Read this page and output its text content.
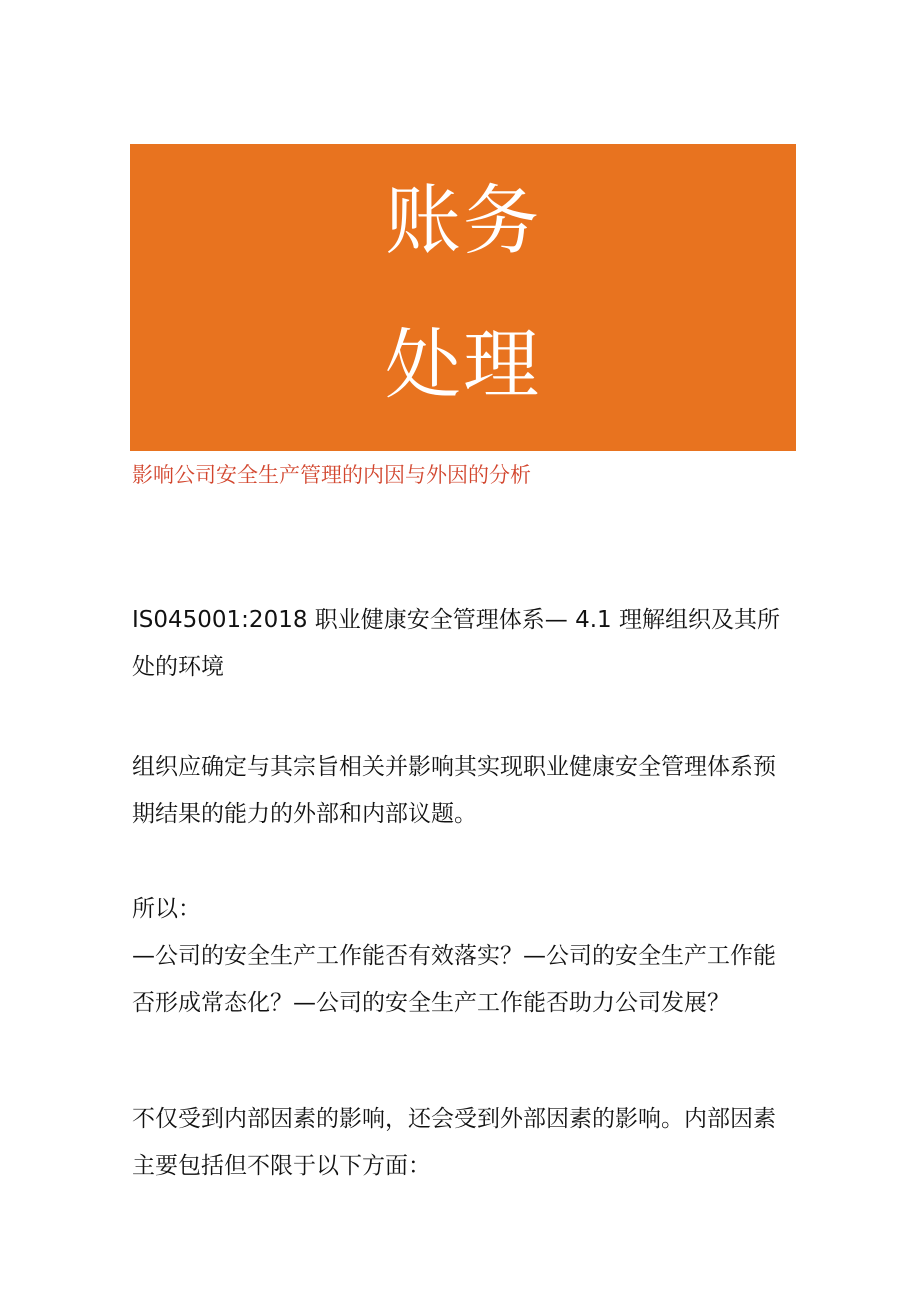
账务
处理
影响公司安全生产管理的内因与外因的分析
IS045001:2018 职业健康安全管理体系— 4.1 理解组织及其所
处的环境
组织应确定与其宗旨相关并影响其实现职业健康安全管理体系预
期结果的能力的外部和内部议题。
所以：
—公司的安全生产工作能否有效落实？—公司的安全生产工作能
否形成常态化？—公司的安全生产工作能否助力公司发展？
不仅受到内部因素的影响，还会受到外部因素的影响。内部因素
主要包括但不限于以下方面：
